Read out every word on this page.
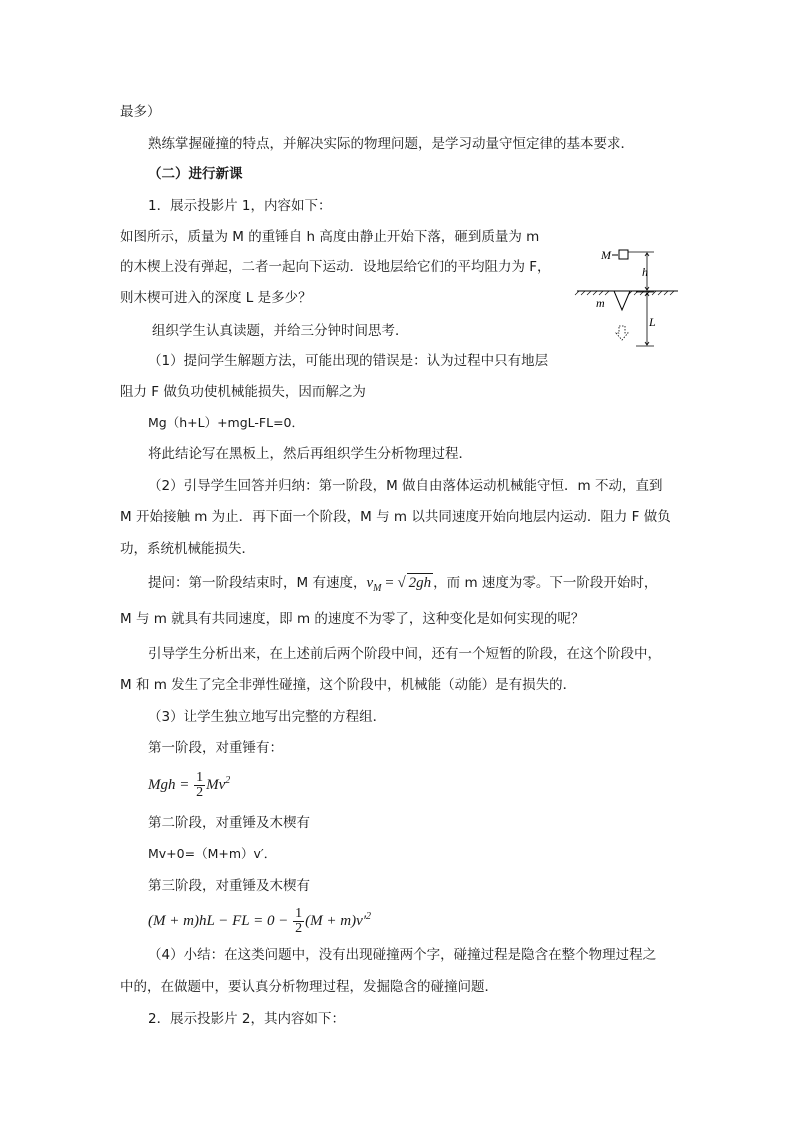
最多）
熟练掌握碰撞的特点，并解决实际的物理问题，是学习动量守恒定律的基本要求．
（二）进行新课
1．展示投影片 1，内容如下：
如图所示，质量为 M 的重锤自 h 高度由静止开始下落，砸到质量为 m
的木楔上没有弹起，二者一起向下运动．设地层给它们的平均阻力为 F，
则木楔可进入的深度 L 是多少？
组织学生认真读题，并给三分钟时间思考．
（1）提问学生解题方法，可能出现的错误是：认为过程中只有地层
阻力 F 做负功使机械能损失，因而解之为
Mg（h+L）+mgL-FL=0．
将此结论写在黑板上，然后再组织学生分析物理过程．
（2）引导学生回答并归纳：第一阶段，M 做自由落体运动机械能守恒．m 不动，直到
M 开始接触 m 为止．再下面一个阶段，M 与 m 以共同速度开始向地层内运动．阻力 F 做负
功，系统机械能损失．
提问：第一阶段结束时，M 有速度，$v_M$ = √ 2gh ，而 m 速度为零。下一阶段开始时，
M 与 m 就具有共同速度，即 m 的速度不为零了，这种变化是如何实现的呢？
引导学生分析出来，在上述前后两个阶段中间，还有一个短暂的阶段，在这个阶段中，
M 和 m 发生了完全非弹性碰撞，这个阶段中，机械能（动能）是有损失的．
（3）让学生独立地写出完整的方程组．
第一阶段，对重锤有：
Mgh = $\frac{1}{2} Mv^2$
第二阶段，对重锤及木楔有
Mv+0=（M+m）v′．
第三阶段，对重锤及木楔有
(M + m)hL − FL = $0 - \frac{1}{2} (M + m)v'^2$
（4）小结：在这类问题中，没有出现碰撞两个字，碰撞过程是隐含在整个物理过程之
中的，在做题中，要认真分析物理过程，发掘隐含的碰撞问题．
2．展示投影片 2，其内容如下：
M
h
m
L
